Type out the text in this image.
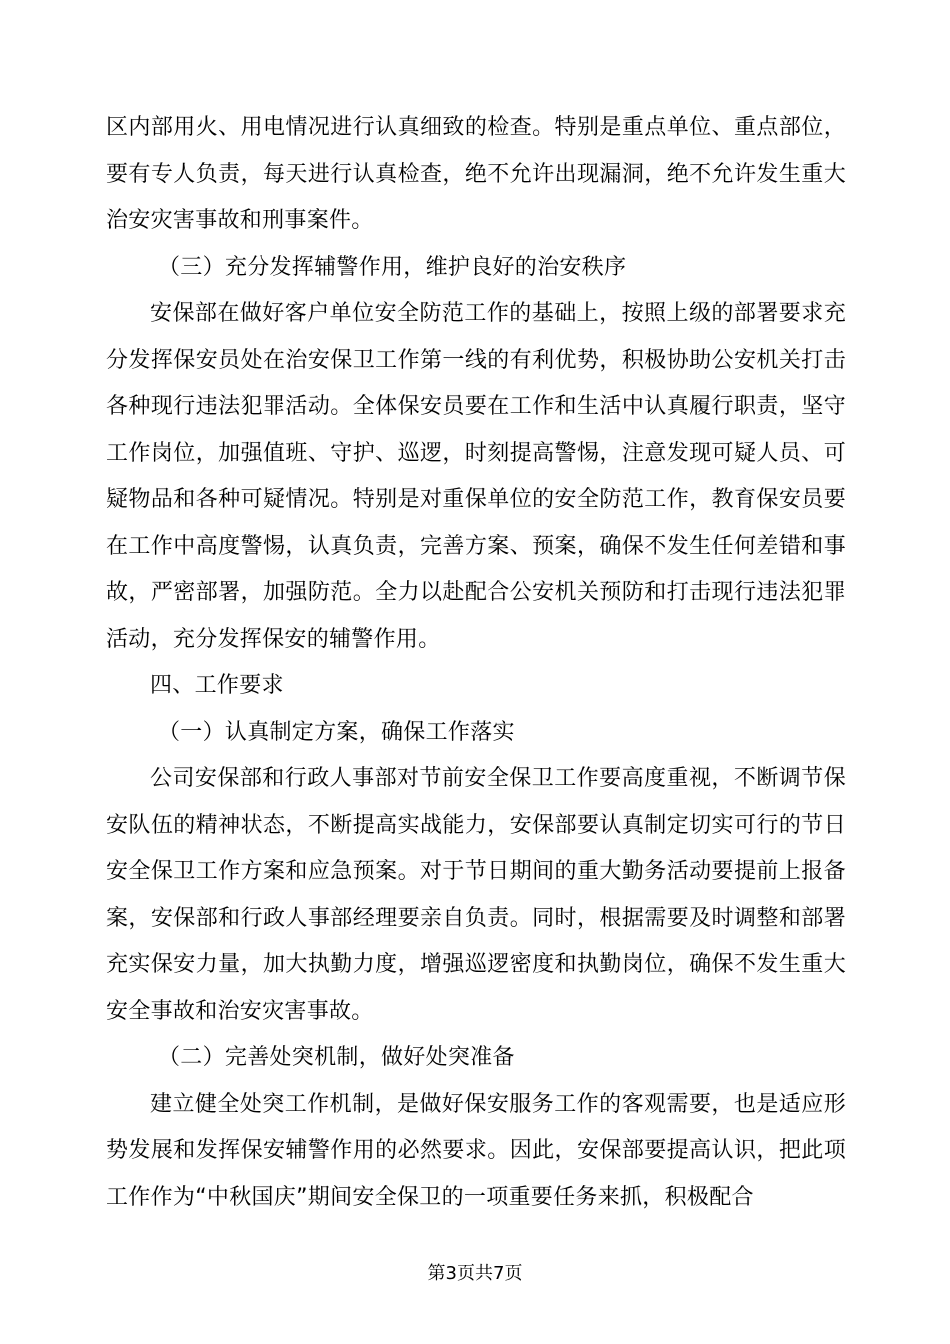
区内部用火、用电情况进行认真细致的检查。特别是重点单位、重点部位，要有专人负责，每天进行认真检查，绝不允许出现漏洞，绝不允许发生重大治安灾害事故和刑事案件。

（三）充分发挥辅警作用，维护良好的治安秩序

安保部在做好客户单位安全防范工作的基础上，按照上级的部署要求充分发挥保安员处在治安保卫工作第一线的有利优势，积极协助公安机关打击各种现行违法犯罪活动。全体保安员要在工作和生活中认真履行职责，坚守工作岗位，加强值班、守护、巡逻，时刻提高警惕，注意发现可疑人员、可疑物品和各种可疑情况。特别是对重保单位的安全防范工作，教育保安员要在工作中高度警惕，认真负责，完善方案、预案，确保不发生任何差错和事故，严密部署，加强防范。全力以赴配合公安机关预防和打击现行违法犯罪活动，充分发挥保安的辅警作用。

四、工作要求

（一）认真制定方案，确保工作落实

公司安保部和行政人事部对节前安全保卫工作要高度重视，不断调节保安队伍的精神状态，不断提高实战能力，安保部要认真制定切实可行的节日安全保卫工作方案和应急预案。对于节日期间的重大勤务活动要提前上报备案，安保部和行政人事部经理要亲自负责。同时，根据需要及时调整和部署充实保安力量，加大执勤力度，增强巡逻密度和执勤岗位，确保不发生重大安全事故和治安灾害事故。

（二）完善处突机制，做好处突准备

建立健全处突工作机制，是做好保安服务工作的客观需要，也是适应形势发展和发挥保安辅警作用的必然要求。因此，安保部要提高认识，把此项工作作为“中秋国庆”期间安全保卫的一项重要任务来抓，积极配合

第3页共7页
